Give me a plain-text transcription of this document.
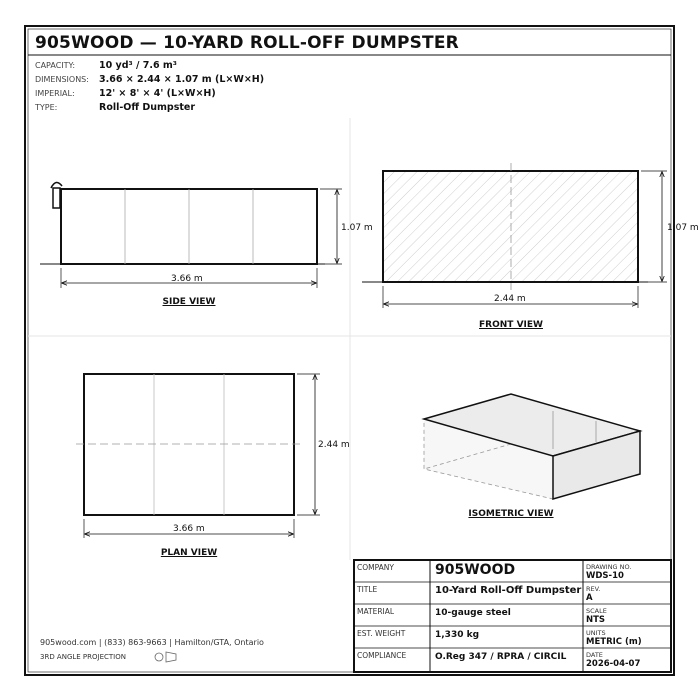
905WOOD — 10-YARD ROLL-OFF DUMPSTER
CAPACITY:	10 yd³ / 7.6 m³
DIMENSIONS: 3.66 × 2.44 × 1.07 m (L×W×H)
IMPERIAL:	12' × 8' × 4' (L×W×H)
TYPE:	Roll-Off Dumpster
3.66 m
1.07 m
SIDE VIEW	2.44 m
1.07 m
FRONT VIEW
3.66 m
2.44 m
PLAN VIEW
ISOMETRIC VIEW
COMPANY	905WOOD
TITLE	10-Yard Roll-Off Dumpster
MATERIAL	10-gauge steel
EST. WEIGHT	1,330 kg
COMPLIANCE	O.Reg 347 / RPRA / CIRCIL
DRAWING NO.
WDS-10
REV.
A
SCALE
NTS
UNITS
METRIC (m)
DATE
2026-04-07
905wood.com | (833) 863-9663 | Hamilton/GTA, Ontario
3RD ANGLE PROJECTION
